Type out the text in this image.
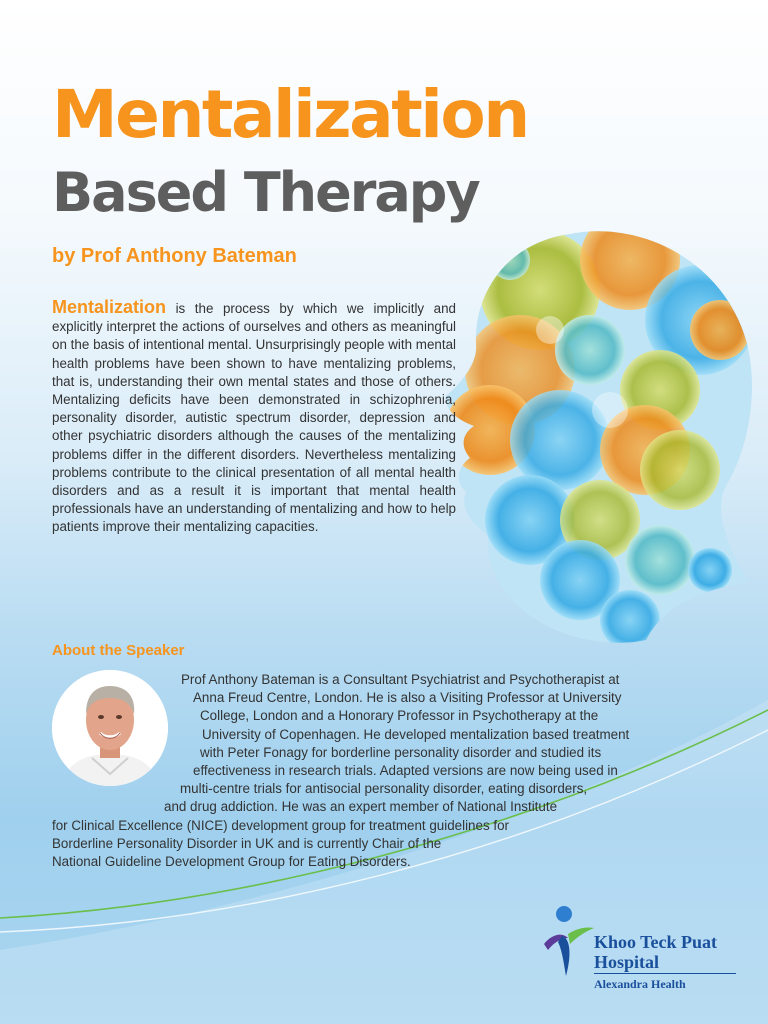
Mentalization
Based Therapy
by Prof Anthony Bateman

Mentalization is the process by which we implicitly and explicitly interpret the actions of ourselves and others as meaningful on the basis of intentional mental. Unsurprisingly people with mental health problems have been shown to have mentalizing problems, that is, understanding their own mental states and those of others. Mentalizing deficits have been demonstrated in schizophrenia, personality disorder, autistic spectrum disorder, depression and other psychiatric disorders although the causes of the mentalizing problems differ in the different disorders. Nevertheless mentalizing problems contribute to the clinical presentation of all mental health disorders and as a result it is important that mental health professionals have an understanding of mentalizing and how to help patients improve their mentalizing capacities.

About the Speaker
Prof Anthony Bateman is a Consultant Psychiatrist and Psychotherapist at
Anna Freud Centre, London. He is also a Visiting Professor at University
College, London and a Honorary Professor in Psychotherapy at the
University of Copenhagen. He developed mentalization based treatment
with Peter Fonagy for borderline personality disorder and studied its
effectiveness in research trials. Adapted versions are now being used in
multi-centre trials for antisocial personality disorder, eating disorders,
and drug addiction. He was an expert member of National Institute
for Clinical Excellence (NICE) development group for treatment guidelines for
Borderline Personality Disorder in UK and is currently Chair of the
National Guideline Development Group for Eating Disorders.
Khoo Teck Puat
Hospital
Alexandra Health
